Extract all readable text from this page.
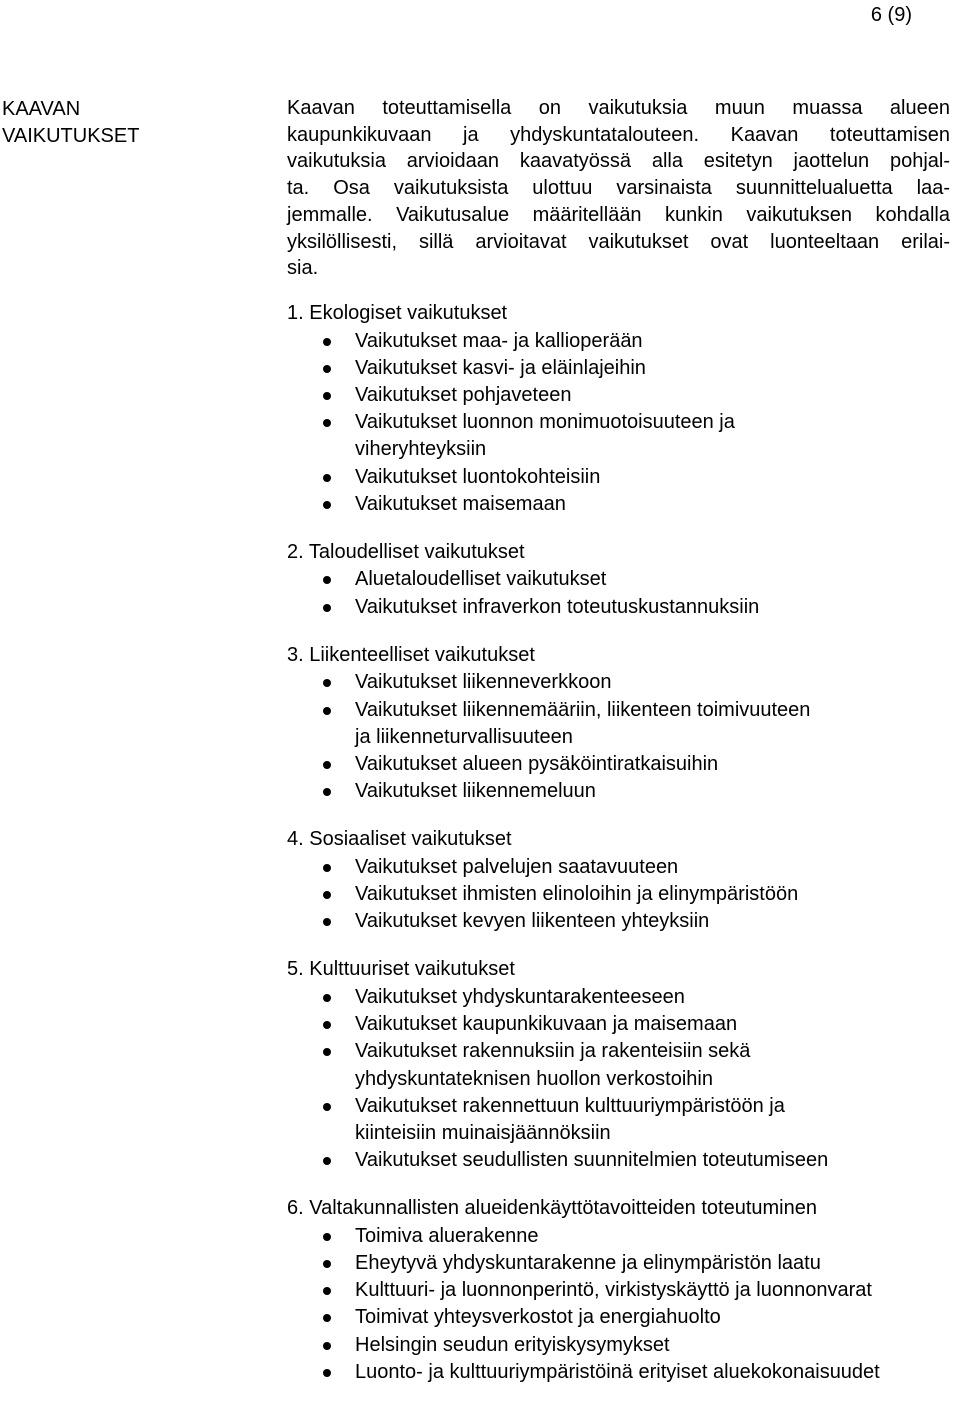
6 (9)
KAAVAN
VAIKUTUKSET
Kaavan toteuttamisella on vaikutuksia muun muassa alueen
kaupunkikuvaan ja yhdyskuntatalouteen. Kaavan toteuttamisen
vaikutuksia arvioidaan kaavatyössä alla esitetyn jaottelun pohjal-
ta. Osa vaikutuksista ulottuu varsinaista suunnittelualuetta laa-
jemmalle. Vaikutusalue määritellään kunkin vaikutuksen kohdalla
yksilöllisesti, sillä arvioitavat vaikutukset ovat luonteeltaan erilai-
sia.
1. Ekologiset vaikutukset
Vaikutukset maa- ja kallioperään
Vaikutukset kasvi- ja eläinlajeihin
Vaikutukset pohjaveteen
Vaikutukset luonnon monimuotoisuuteen ja
viheryhteyksiin
Vaikutukset luontokohteisiin
Vaikutukset maisemaan
2. Taloudelliset vaikutukset
Aluetaloudelliset vaikutukset
Vaikutukset infraverkon toteutuskustannuksiin
3. Liikenteelliset vaikutukset
Vaikutukset liikenneverkkoon
Vaikutukset liikennemääriin, liikenteen toimivuuteen
ja liikenneturvallisuuteen
Vaikutukset alueen pysäköintiratkaisuihin
Vaikutukset liikennemeluun
4. Sosiaaliset vaikutukset
Vaikutukset palvelujen saatavuuteen
Vaikutukset ihmisten elinoloihin ja elinympäristöön
Vaikutukset kevyen liikenteen yhteyksiin
5. Kulttuuriset vaikutukset
Vaikutukset yhdyskuntarakenteeseen
Vaikutukset kaupunkikuvaan ja maisemaan
Vaikutukset rakennuksiin ja rakenteisiin sekä
yhdyskuntateknisen huollon verkostoihin
Vaikutukset rakennettuun kulttuuriympäristöön ja
kiinteisiin muinaisjäännöksiin
Vaikutukset seudullisten suunnitelmien toteutumiseen
6. Valtakunnallisten alueidenkäyttötavoitteiden toteutuminen
Toimiva aluerakenne
Eheytyvä yhdyskuntarakenne ja elinympäristön laatu
Kulttuuri- ja luonnonperintö, virkistyskäyttö ja luonnonvarat
Toimivat yhteysverkostot ja energiahuolto
Helsingin seudun erityiskysymykset
Luonto- ja kulttuuriympäristöinä erityiset aluekokonaisuudet
